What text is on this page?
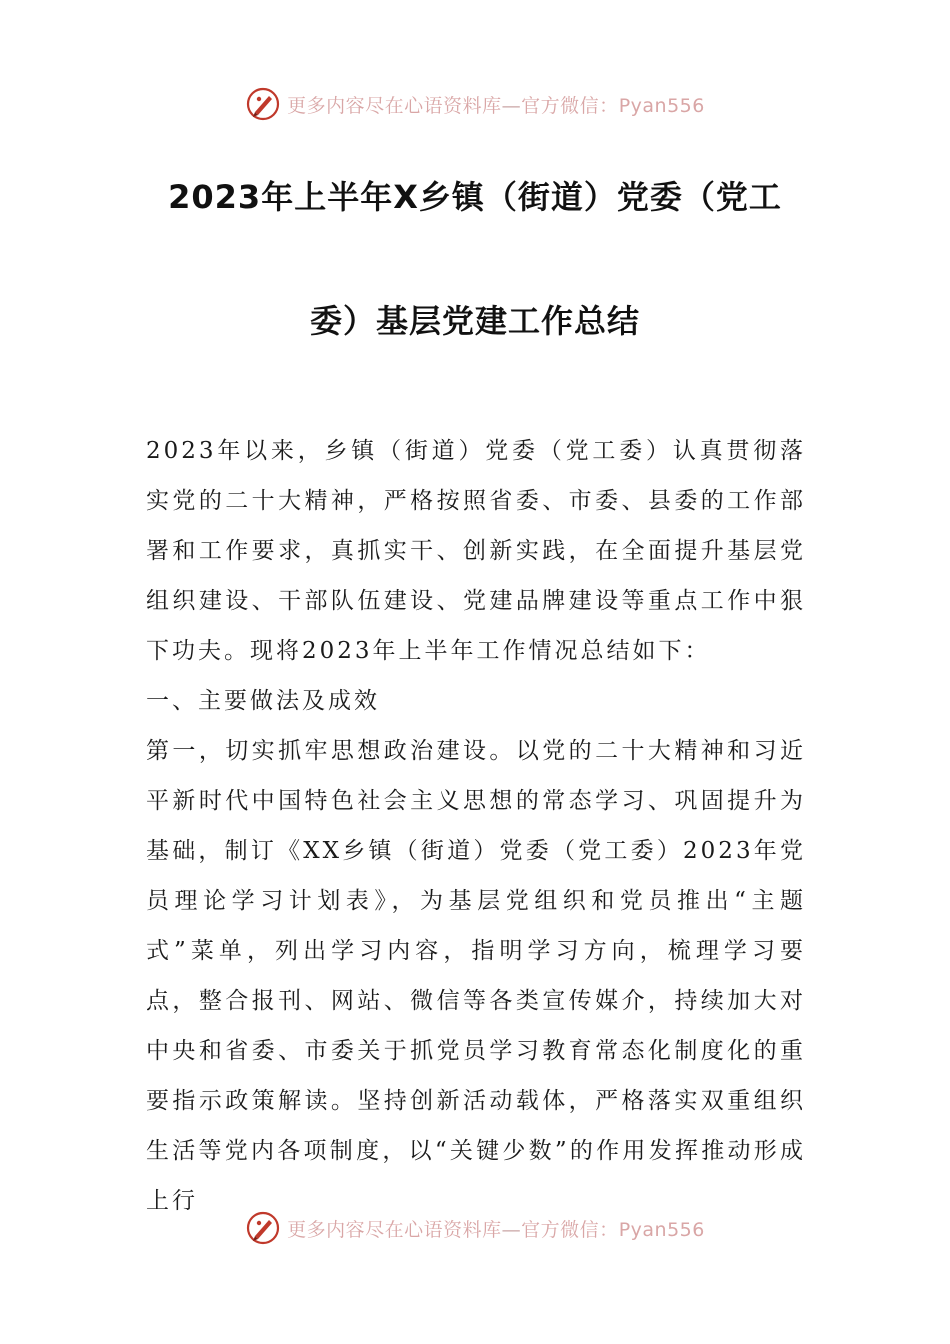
更多内容尽在心语资料库—官方微信：Pyan556
2023年上半年X乡镇（街道）党委（党工
委）基层党建工作总结

2023年以来，乡镇（街道）党委（党工委）认真贯彻落实党的二十大精神，严格按照省委、市委、县委的工作部署和工作要求，真抓实干、创新实践，在全面提升基层党组织建设、干部队伍建设、党建品牌建设等重点工作中狠下功夫。现将2023年上半年工作情况总结如下：

一、主要做法及成效

第一，切实抓牢思想政治建设。以党的二十大精神和习近平新时代中国特色社会主义思想的常态学习、巩固提升为基础，制订《XX乡镇（街道）党委（党工委）2023年党员理论学习计划表》，为基层党组织和党员推出“主题式”菜单，列出学习内容，指明学习方向，梳理学习要点，整合报刊、网站、微信等各类宣传媒介，持续加大对中央和省委、市委关于抓党员学习教育常态化制度化的重要指示政策解读。坚持创新活动载体，严格落实双重组织生活等党内各项制度，以“关键少数”的作用发挥推动形成上行

更多内容尽在心语资料库—官方微信：Pyan556
